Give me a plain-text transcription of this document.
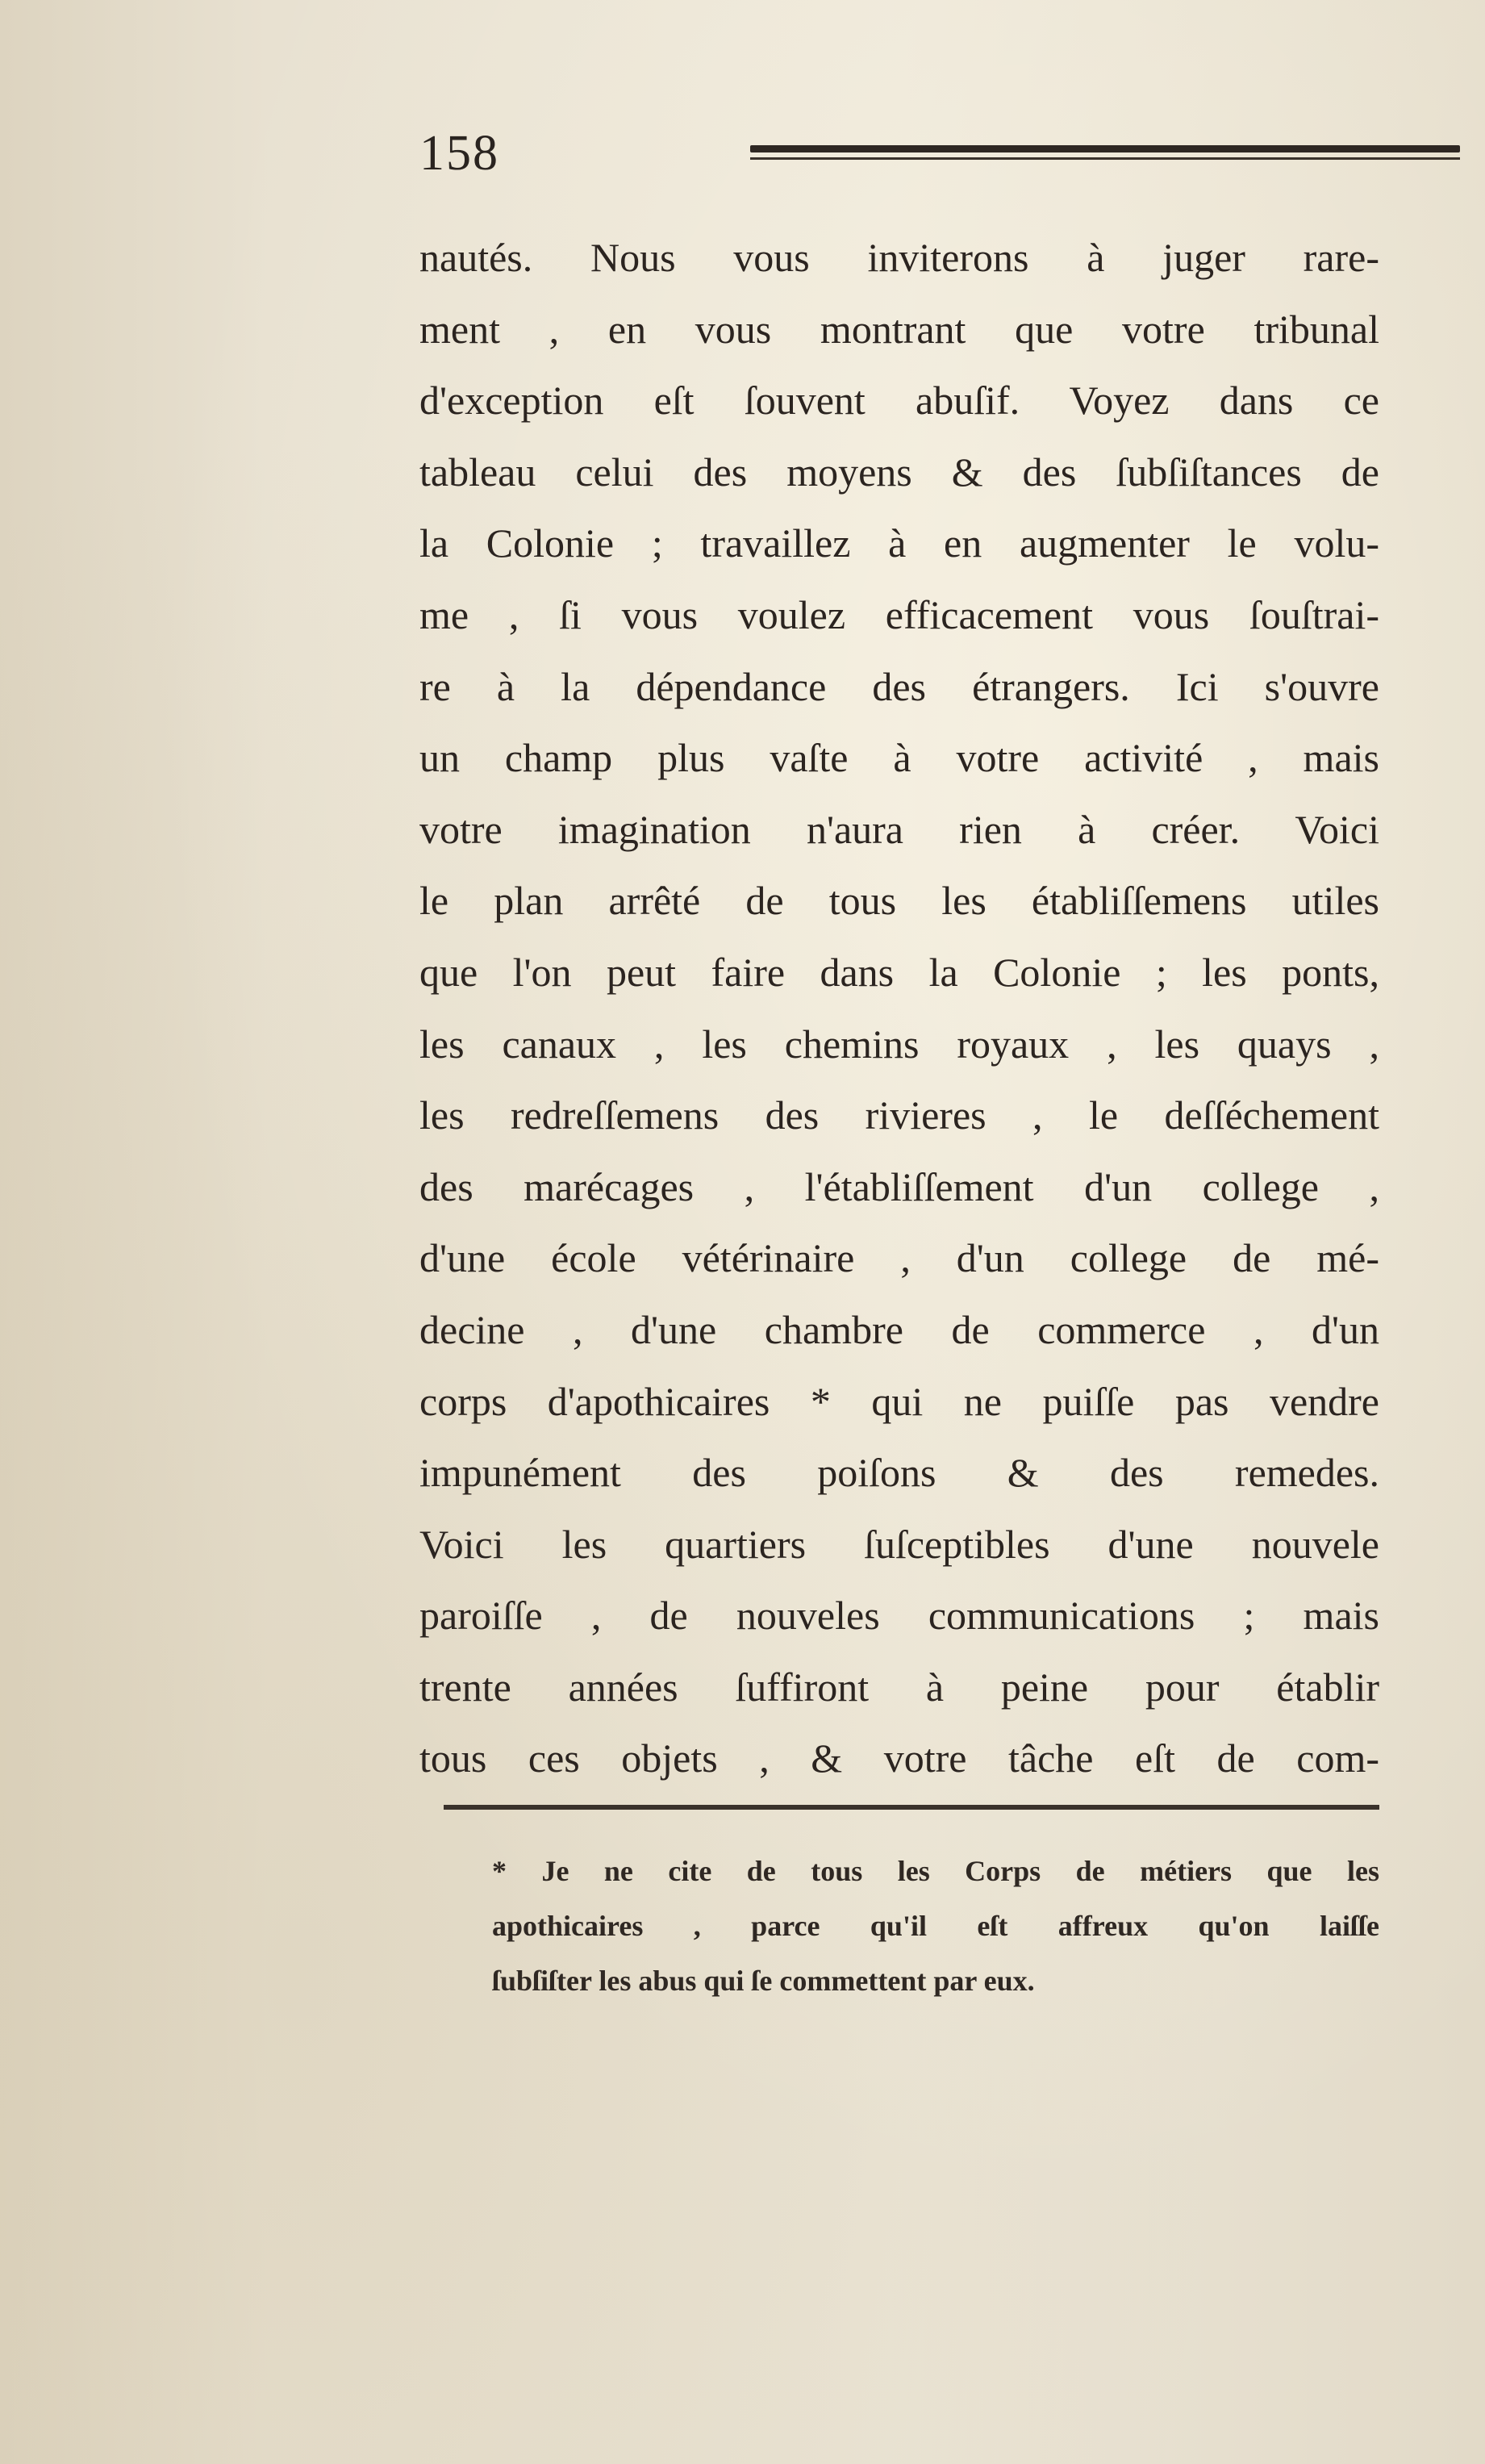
158
nautés. Nous vous inviterons à juger rare-
ment , en vous montrant que votre tribunal
d'exception eſt ſouvent abuſif. Voyez dans ce
tableau celui des moyens & des ſubſiſtances de
la Colonie ; travaillez à en augmenter le volu-
me , ſi vous voulez efficacement vous ſouſtrai-
re à la dépendance des étrangers. Ici s'ouvre
un champ plus vaſte à votre activité , mais
votre imagination n'aura rien à créer. Voici
le plan arrêté de tous les établiſſemens utiles
que l'on peut faire dans la Colonie ; les ponts,
les canaux , les chemins royaux , les quays ,
les redreſſemens des rivieres , le deſſéchement
des marécages , l'établiſſement d'un college ,
d'une école vétérinaire , d'un college de mé-
decine , d'une chambre de commerce , d'un
corps d'apothicaires * qui ne puiſſe pas vendre
impunément des poiſons & des remedes.
Voici les quartiers ſuſceptibles d'une nouvele
paroiſſe , de nouveles communications ; mais
trente années ſuffiront à peine pour établir
tous ces objets , & votre tâche eſt de com-
* Je ne cite de tous les Corps de métiers que les
apothicaires , parce qu'il eſt affreux qu'on laiſſe
ſubſiſter les abus qui ſe commettent par eux.
